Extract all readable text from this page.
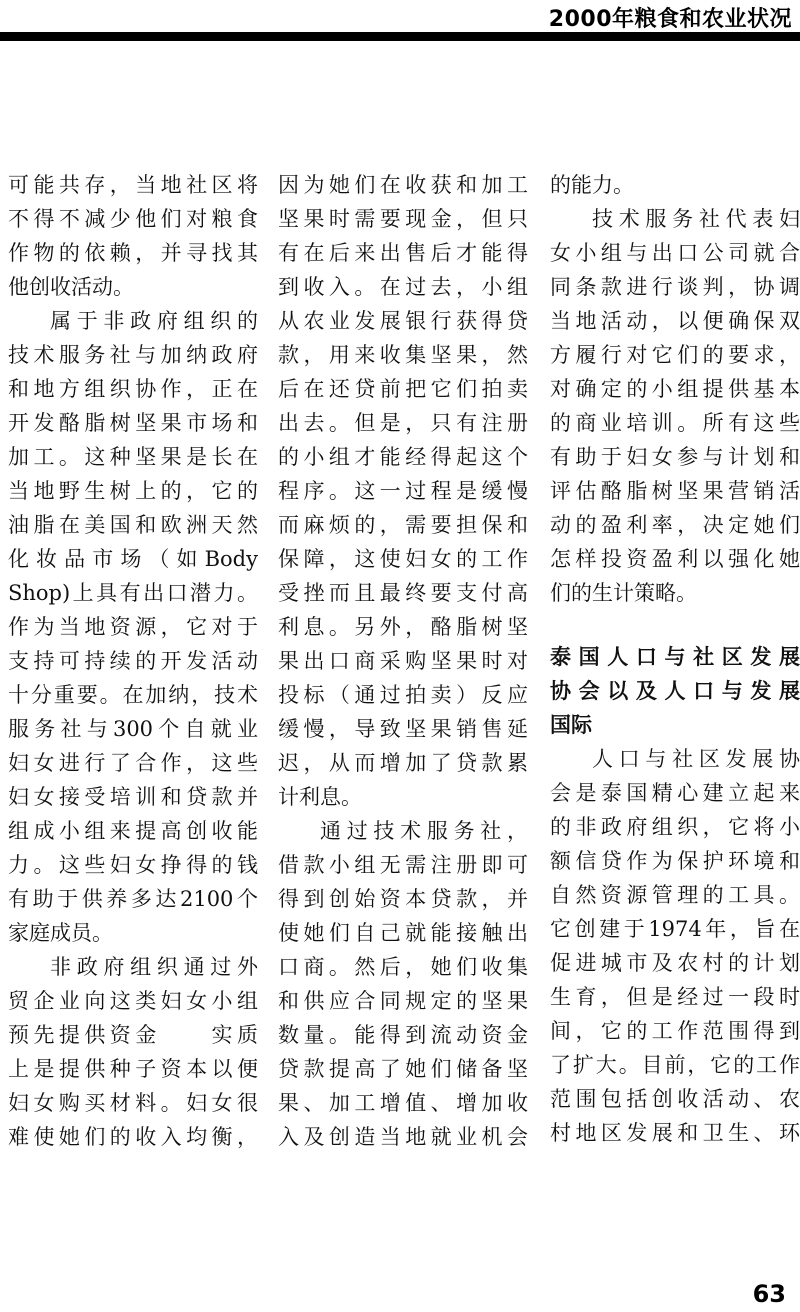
2000年粮食和农业状况
可能共存，当地社区将
不得不减少他们对粮食
作物的依赖，并寻找其
他创收活动。
属于非政府组织的
技术服务社与加纳政府
和地方组织协作，正在
开发酪脂树坚果市场和
加工。这种坚果是长在
当地野生树上的，它的
油脂在美国和欧洲天然
化妆品市场（如Body
Shop)上具有出口潜力。
作为当地资源，它对于
支持可持续的开发活动
十分重要。在加纳，技术
服务社与300个自就业
妇女进行了合作，这些
妇女接受培训和贷款并
组成小组来提高创收能
力。这些妇女挣得的钱
有助于供养多达2100个
家庭成员。
非政府组织通过外
贸企业向这类妇女小组
预先提供资金　　实质
上是提供种子资本以便
妇女购买材料。妇女很
难使她们的收入均衡，
因为她们在收获和加工
坚果时需要现金，但只
有在后来出售后才能得
到收入。在过去，小组
从农业发展银行获得贷
款，用来收集坚果，然
后在还贷前把它们拍卖
出去。但是，只有注册
的小组才能经得起这个
程序。这一过程是缓慢
而麻烦的，需要担保和
保障，这使妇女的工作
受挫而且最终要支付高
利息。另外，酪脂树坚
果出口商采购坚果时对
投标（通过拍卖）反应
缓慢，导致坚果销售延
迟，从而增加了贷款累
计利息。
通过技术服务社，
借款小组无需注册即可
得到创始资本贷款，并
使她们自己就能接触出
口商。然后，她们收集
和供应合同规定的坚果
数量。能得到流动资金
贷款提高了她们储备坚
果、加工增值、增加收
入及创造当地就业机会
的能力。
技术服务社代表妇
女小组与出口公司就合
同条款进行谈判，协调
当地活动，以便确保双
方履行对它们的要求，
对确定的小组提供基本
的商业培训。所有这些
有助于妇女参与计划和
评估酪脂树坚果营销活
动的盈利率，决定她们
怎样投资盈利以强化她
们的生计策略。
泰国人口与社区发展
协会以及人口与发展
国际
人口与社区发展协
会是泰国精心建立起来
的非政府组织，它将小
额信贷作为保护环境和
自然资源管理的工具。
它创建于1974年，旨在
促进城市及农村的计划
生育，但是经过一段时
间，它的工作范围得到
了扩大。目前，它的工作
范围包括创收活动、农
村地区发展和卫生、环
63
